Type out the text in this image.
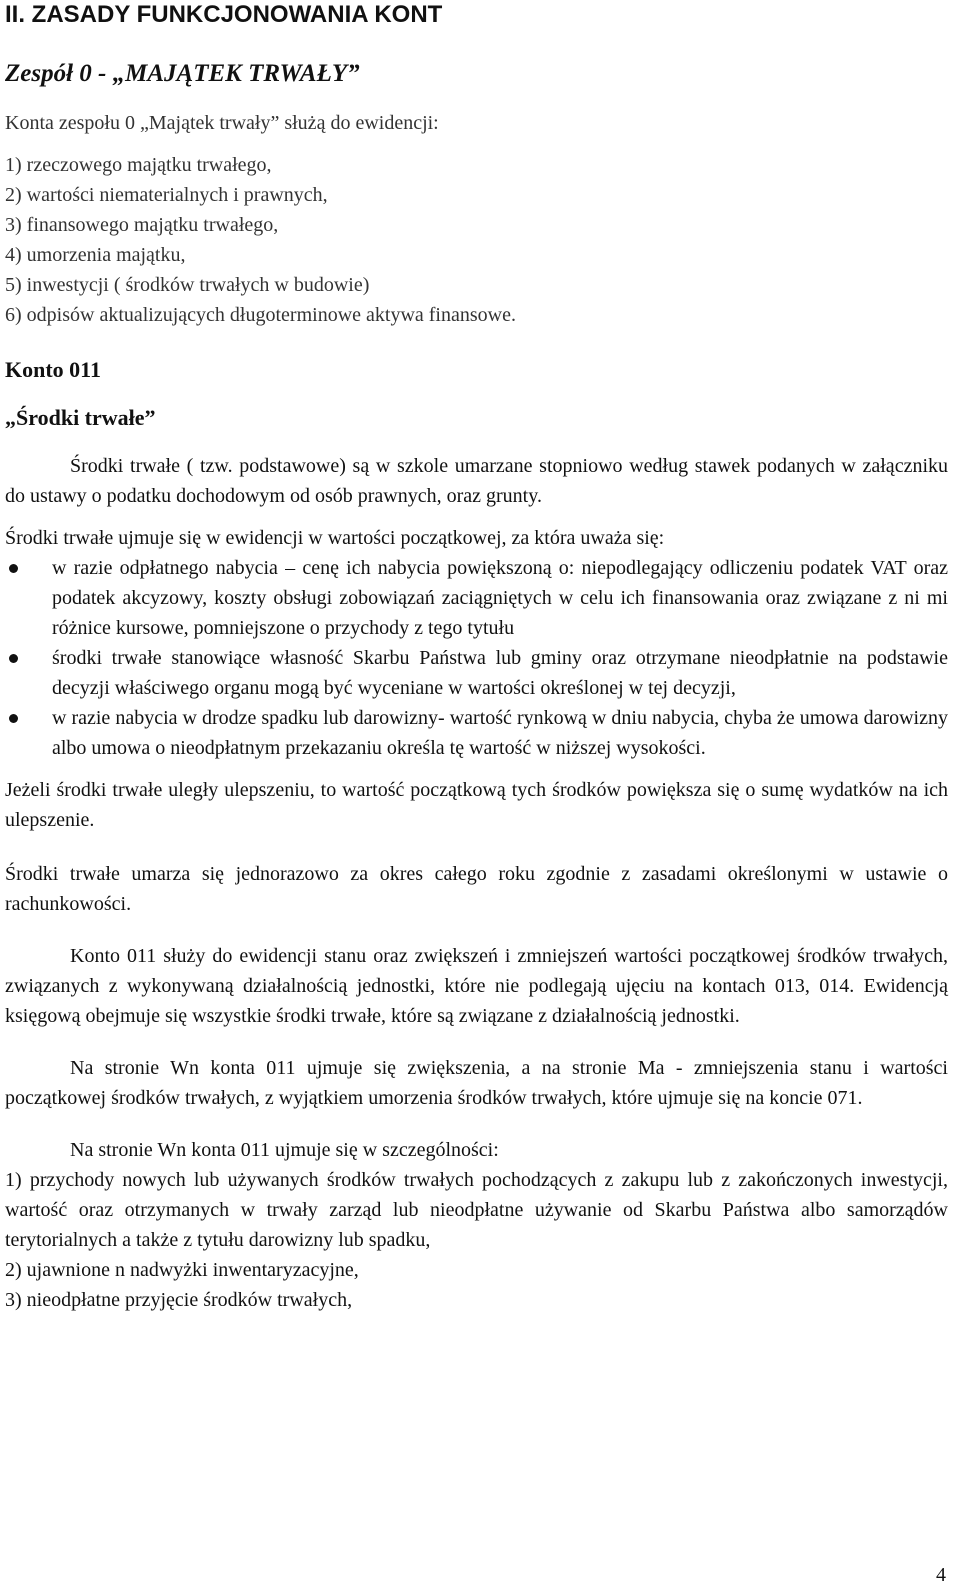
II. ZASADY FUNKCJONOWANIA KONT
Zespół 0 - „MAJĄTEK TRWAŁY”

Konta zespołu 0 „Majątek trwały” służą do ewidencji:

1) rzeczowego majątku trwałego,
2) wartości niematerialnych i prawnych,
3) finansowego majątku trwałego,
4) umorzenia majątku,
5) inwestycji ( środków trwałych w budowie)
6) odpisów aktualizujących długoterminowe aktywa finansowe.
Konto 011
„Środki trwałe”

Środki trwałe ( tzw. podstawowe) są w szkole umarzane stopniowo według stawek podanych w załączniku do ustawy o podatku dochodowym od osób prawnych, oraz grunty.

Środki trwałe ujmuje się w ewidencji w wartości początkowej, za która uważa się:

w razie odpłatnego nabycia – cenę ich nabycia powiększoną o: niepodlegający odliczeniu podatek VAT oraz podatek akcyzowy, koszty obsługi zobowiązań zaciągniętych w celu ich finansowania oraz związane z ni mi różnice kursowe, pomniejszone o przychody z tego tytułu
środki trwałe stanowiące własność Skarbu Państwa lub gminy oraz otrzymane nieodpłatnie na podstawie decyzji właściwego organu mogą być wyceniane w wartości określonej w tej decyzji,
w razie nabycia w drodze spadku lub darowizny- wartość rynkową w dniu nabycia, chyba że umowa darowizny albo umowa o nieodpłatnym przekazaniu określa tę wartość w niższej wysokości.

Jeżeli środki trwałe uległy ulepszeniu, to wartość początkową tych środków powiększa się o sumę wydatków na ich ulepszenie.

Środki trwałe umarza się jednorazowo za okres całego roku zgodnie z zasadami określonymi w ustawie o rachunkowości.

Konto 011 służy do ewidencji stanu oraz zwiększeń i zmniejszeń wartości początkowej środków trwałych, związanych z wykonywaną działalnością jednostki, które nie podlegają ujęciu na kontach 013, 014. Ewidencją księgową obejmuje się wszystkie środki trwałe, które są związane z działalnością jednostki.

Na stronie Wn konta 011 ujmuje się zwiększenia, a na stronie Ma - zmniejszenia stanu i wartości początkowej środków trwałych, z wyjątkiem umorzenia środków trwałych, które ujmuje się na koncie 071.

Na stronie Wn konta 011 ujmuje się w szczególności:

1) przychody nowych lub używanych środków trwałych pochodzących z zakupu lub z zakończonych inwestycji, wartość oraz otrzymanych w trwały zarząd lub nieodpłatne używanie od Skarbu Państwa albo samorządów terytorialnych a także z tytułu darowizny lub spadku,
2) ujawnione n nadwyżki inwentaryzacyjne,
3) nieodpłatne przyjęcie środków trwałych,
4
